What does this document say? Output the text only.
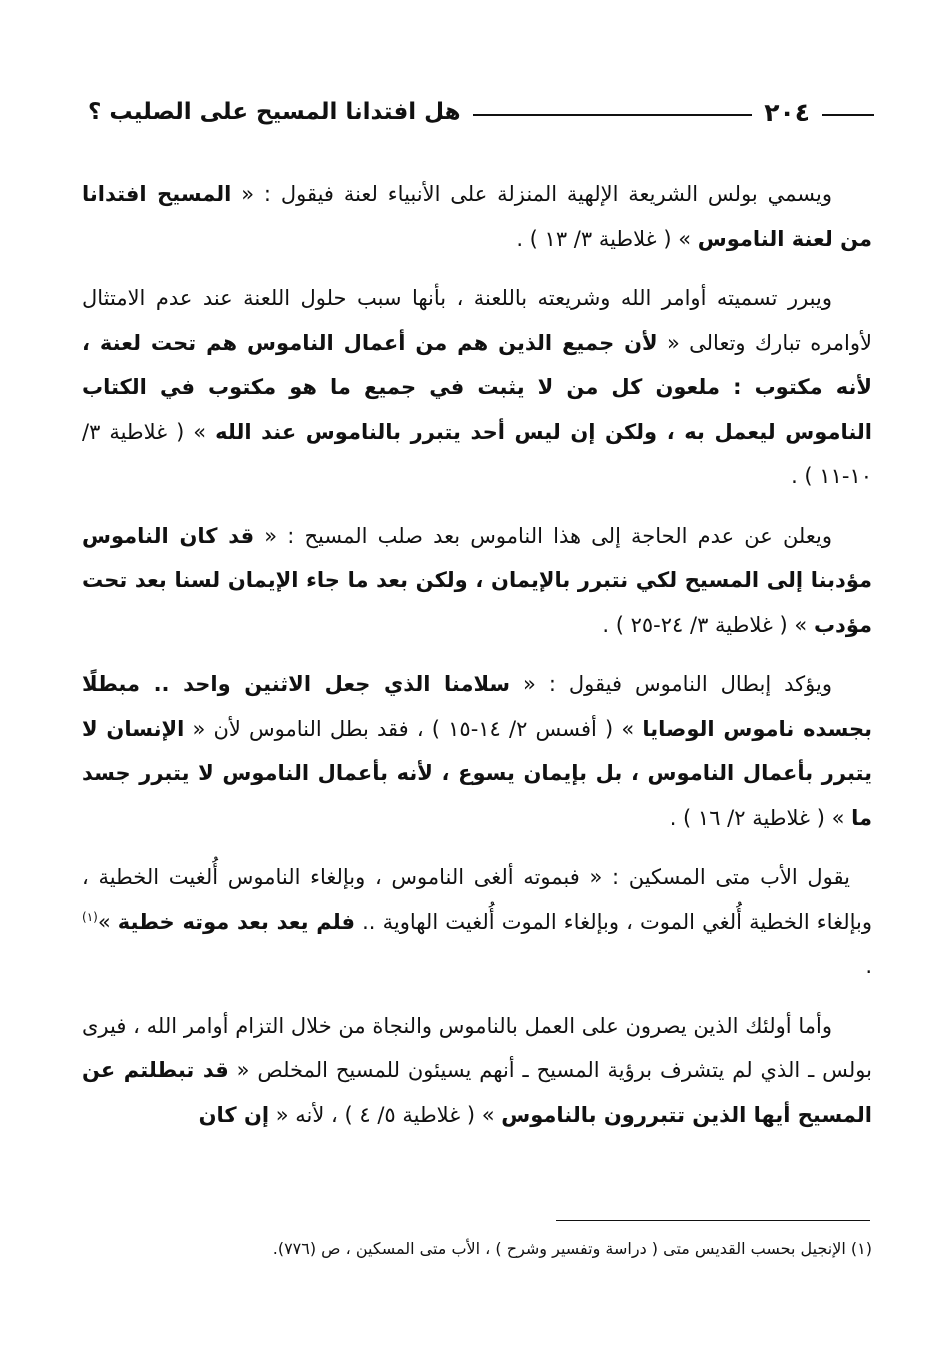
٢٠٤
هل افتدانا المسيح على الصليب ؟

ويسمي بولس الشريعة الإلهية المنزلة على الأنبياء لعنة فيقول : « المسيح افتدانا من لعنة الناموس » ( غلاطية ٣/ ١٣ ) .

ويبرر تسميته أوامر الله وشريعته باللعنة ، بأنها سبب حلول اللعنة عند عدم الامتثال لأوامره تبارك وتعالى « لأن جميع الذين هم من أعمال الناموس هم تحت لعنة ، لأنه مكتوب : ملعون كل من لا يثبت في جميع ما هو مكتوب في الكتاب الناموس ليعمل به ، ولكن إن ليس أحد يتبرر بالناموس عند الله » ( غلاطية ٣/ ١٠-١١ ) .

ويعلن عن عدم الحاجة إلى هذا الناموس بعد صلب المسيح : « قد كان الناموس مؤدبنا إلى المسيح لكي نتبرر بالإيمان ، ولكن بعد ما جاء الإيمان لسنا بعد تحت مؤدب » ( غلاطية ٣/ ٢٤-٢٥ ) .

ويؤكد إبطال الناموس فيقول : « سلامنا الذي جعل الاثنين واحد .. مبطلًا بجسده ناموس الوصايا » ( أفسس ٢/ ١٤-١٥ ) ، فقد بطل الناموس لأن « الإنسان لا يتبرر بأعمال الناموس ، بل بإيمان يسوع ، لأنه بأعمال الناموس لا يتبرر جسد ما » ( غلاطية ٢/ ١٦ ) .

يقول الأب متى المسكين : « فبموته ألغى الناموس ، وبإلغاء الناموس أُلغيت الخطية ، وبإلغاء الخطية أُلغي الموت ، وبإلغاء الموت أُلغيت الهاوية .. فلم يعد بعد موته خطية »$^{(١)}$ .

وأما أولئك الذين يصرون على العمل بالناموس والنجاة من خلال التزام أوامر الله ، فيرى بولس ـ الذي لم يتشرف برؤية المسيح ـ أنهم يسيئون للمسيح المخلص « قد تبطلتم عن المسيح أيها الذين تتبررون بالناموس » ( غلاطية ٥/ ٤ ) ، لأنه « إن كان

(١) الإنجيل بحسب القديس متى ( دراسة وتفسير وشرح ) ، الأب متى المسكين ، ص (٧٧٦).
